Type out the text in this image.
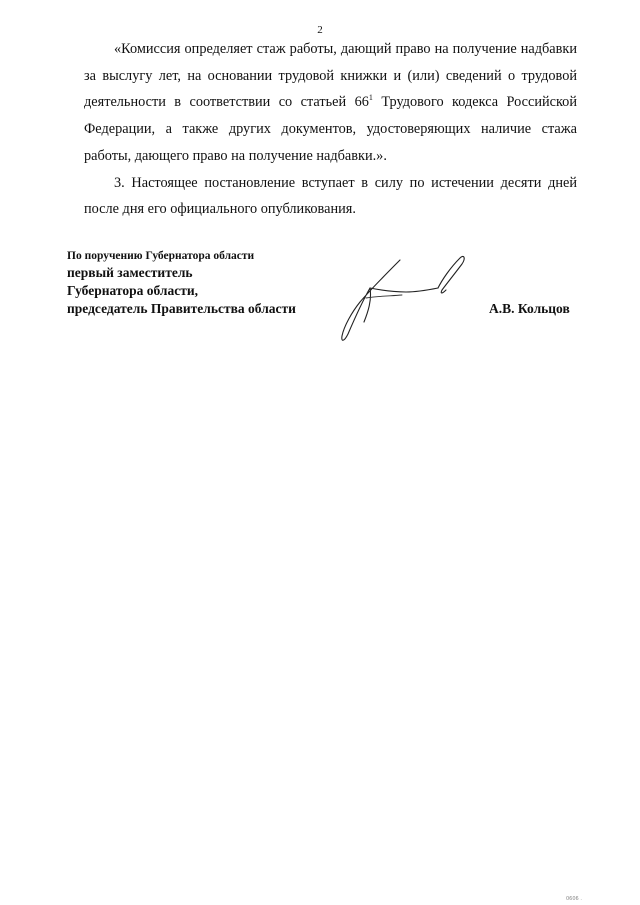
2

«Комиссия определяет стаж работы, дающий право на получение надбавки за выслугу лет, на основании трудовой книжки и (или) сведений о трудовой деятельности в соответствии со статьей $66^1$ Трудового кодекса Российской Федерации, а также других документов, удостоверяющих наличие стажа работы, дающего право на получение надбавки.».

3. Настоящее постановление вступает в силу по истечении десяти дней после дня его официального опубликования.

По поручению Губернатора области
первый заместитель
Губернатора области,
председатель Правительства области	А.В. Кольцов
0606 .
